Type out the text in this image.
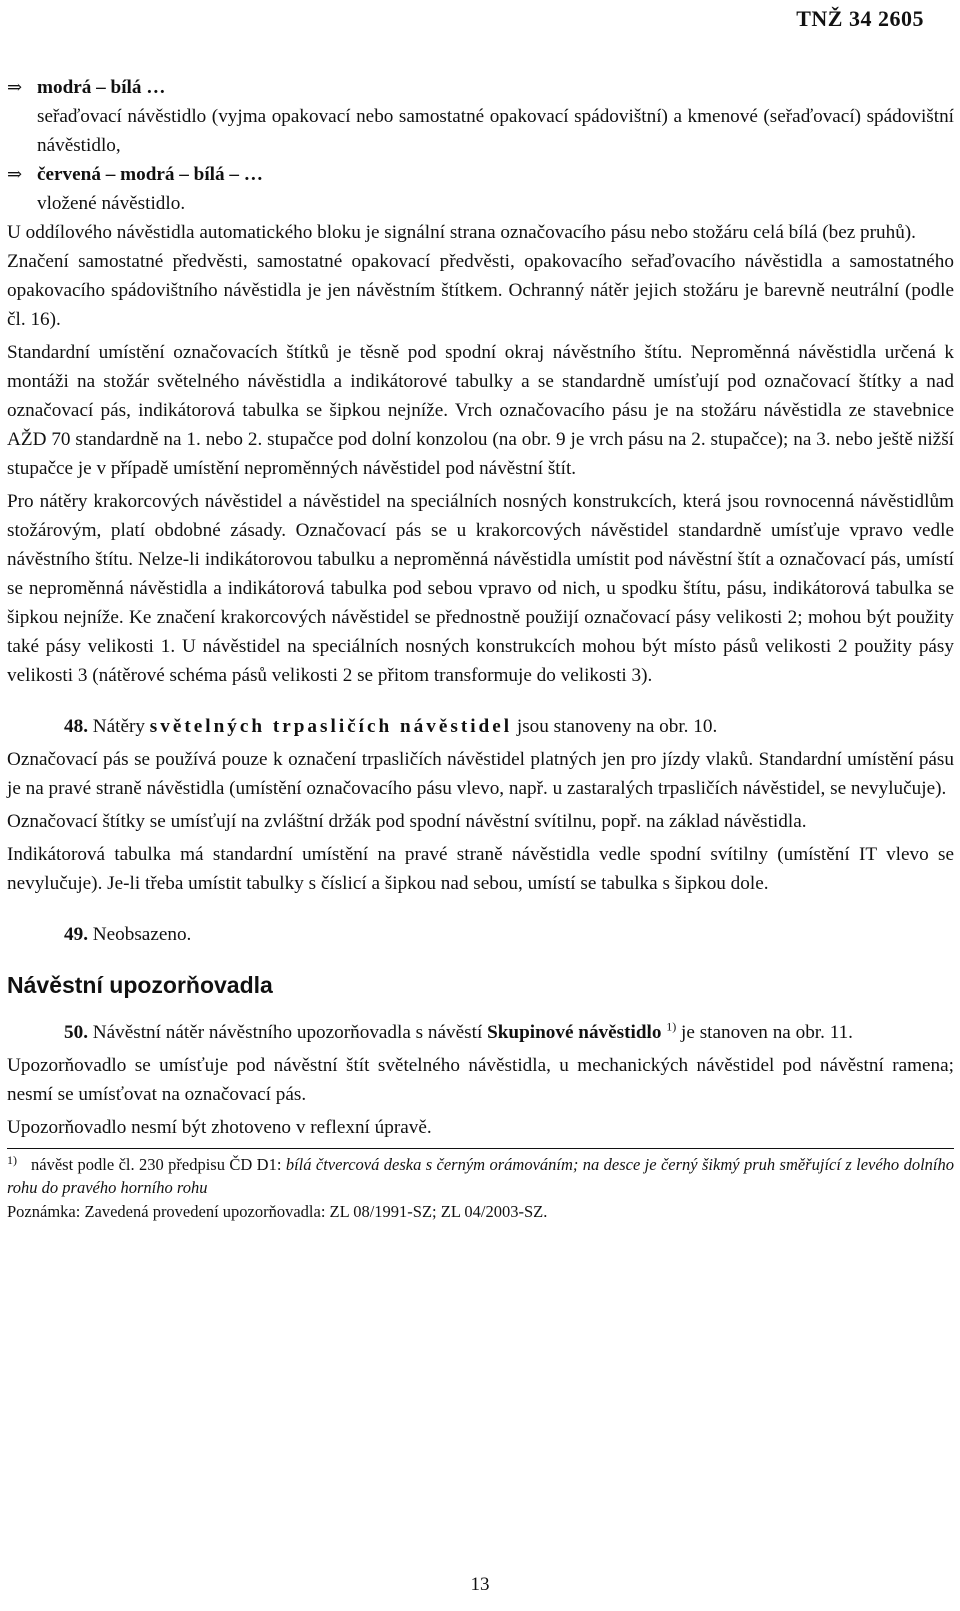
TNŽ 34 2605

⇒ modrá – bílá …

seřaďovací návěstidlo (vyjma opakovací nebo samostatné opakovací spádovištní) a kmenové (seřaďovací) spádovištní návěstidlo,

⇒ červená – modrá – bílá – …

vložené návěstidlo.

U oddílového návěstidla automatického bloku je signální strana označovacího pásu nebo stožáru celá bílá (bez pruhů).

Značení samostatné předvěsti, samostatné opakovací předvěsti, opakovacího seřaďovacího návěstidla a samostatného opakovacího spádovištního návěstidla je jen návěstním štítkem. Ochranný nátěr jejich stožáru je barevně neutrální (podle čl. 16).

Standardní umístění označovacích štítků je těsně pod spodní okraj návěstního štítu. Neproměnná návěstidla určená k montáži na stožár světelného návěstidla a indikátorové tabulky a se standardně umísťují pod označovací štítky a nad označovací pás, indikátorová tabulka se šipkou nejníže. Vrch označovacího pásu je na stožáru návěstidla ze stavebnice AŽD 70 standardně na 1. nebo 2. stupačce pod dolní konzolou (na obr. 9 je vrch pásu na 2. stupačce); na 3. nebo ještě nižší stupačce je v případě umístění neproměnných návěstidel pod návěstní štít.

Pro nátěry krakorcových návěstidel a návěstidel na speciálních nosných konstrukcích, která jsou rovnocenná návěstidlům stožárovým, platí obdobné zásady. Označovací pás se u krakorcových návěstidel standardně umísťuje vpravo vedle návěstního štítu. Nelze-li indikátorovou tabulku a neproměnná návěstidla umístit pod návěstní štít a označovací pás, umístí se neproměnná návěstidla a indikátorová tabulka pod sebou vpravo od nich, u spodku štítu, pásu, indikátorová tabulka se šipkou nejníže. Ke značení krakorcových návěstidel se přednostně použijí označovací pásy velikosti 2; mohou být použity také pásy velikosti 1. U návěstidel na speciálních nosných konstrukcích mohou být místo pásů velikosti 2 použity pásy velikosti 3 (nátěrové schéma pásů velikosti 2 se přitom transformuje do velikosti 3).

48. Nátěry světelných trpasličích návěstidel jsou stanoveny na obr. 10.

Označovací pás se používá pouze k označení trpasličích návěstidel platných jen pro jízdy vlaků. Standardní umístění pásu je na pravé straně návěstidla (umístění označovacího pásu vlevo, např. u zastaralých trpasličích návěstidel, se nevylučuje).

Označovací štítky se umísťují na zvláštní držák pod spodní návěstní svítilnu, popř. na základ návěstidla.

Indikátorová tabulka má standardní umístění na pravé straně návěstidla vedle spodní svítilny (umístění IT vlevo se nevylučuje). Je-li třeba umístit tabulky s číslicí a šipkou nad sebou, umístí se tabulka s šipkou dole.

49. Neobsazeno.

Návěstní upozorňovadla

50. Návěstní nátěr návěstního upozorňovadla s návěstí Skupinové návěstidlo $^{1)}$ je stanoven na obr. 11.

Upozorňovadlo se umísťuje pod návěstní štít světelného návěstidla, u mechanických návěstidel pod návěstní ramena; nesmí se umísťovat na označovací pás.

Upozorňovadlo nesmí být zhotoveno v reflexní úpravě.

1) návěst podle čl. 230 předpisu ČD D1: bílá čtvercová deska s černým orámováním; na desce je černý šikmý pruh směřující z levého dolního rohu do pravého horního rohu

Poznámka: Zavedená provedení upozorňovadla: ZL 08/1991-SZ; ZL 04/2003-SZ.

13
